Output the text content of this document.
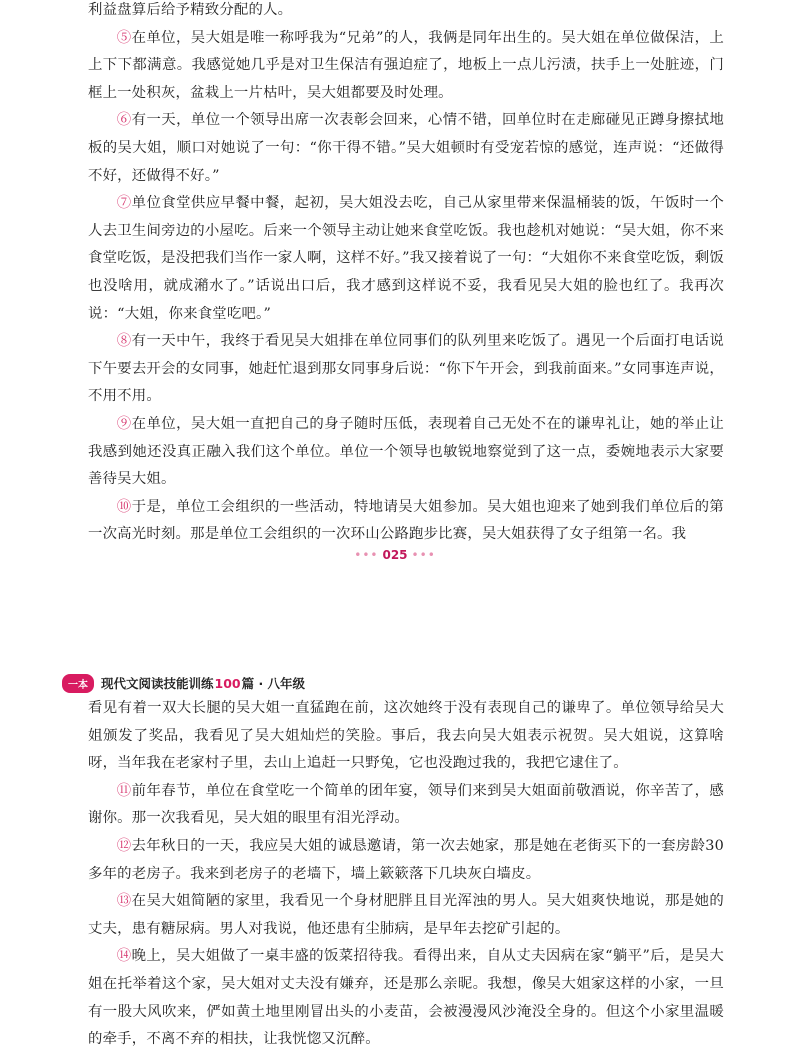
利益盘算后给予精致分配的人。

⑤在单位，吴大姐是唯一称呼我为“兄弟”的人，我俩是同年出生的。吴大姐在单位做保洁，上上下下都满意。我感觉她几乎是对卫生保洁有强迫症了，地板上一点儿污渍，扶手上一处脏迹，门框上一处积灰，盆栽上一片枯叶，吴大姐都要及时处理。

⑥有一天，单位一个领导出席一次表彰会回来，心情不错，回单位时在走廊碰见正蹲身擦拭地板的吴大姐，顺口对她说了一句：“你干得不错。”吴大姐顿时有受宠若惊的感觉，连声说：“还做得不好，还做得不好。”

⑦单位食堂供应早餐中餐，起初，吴大姐没去吃，自己从家里带来保温桶装的饭，午饭时一个人去卫生间旁边的小屋吃。后来一个领导主动让她来食堂吃饭。我也趁机对她说：“吴大姐，你不来食堂吃饭，是没把我们当作一家人啊，这样不好。”我又接着说了一句：“大姐你不来食堂吃饭，剩饭也没啥用，就成潲水了。”话说出口后，我才感到这样说不妥，我看见吴大姐的脸也红了。我再次说：“大姐，你来食堂吃吧。”

⑧有一天中午，我终于看见吴大姐排在单位同事们的队列里来吃饭了。遇见一个后面打电话说下午要去开会的女同事，她赶忙退到那女同事身后说：“你下午开会，到我前面来。”女同事连声说，不用不用。

⑨在单位，吴大姐一直把自己的身子随时压低，表现着自己无处不在的谦卑礼让，她的举止让我感到她还没真正融入我们这个单位。单位一个领导也敏锐地察觉到了这一点，委婉地表示大家要善待吴大姐。

⑩于是，单位工会组织的一些活动，特地请吴大姐参加。吴大姐也迎来了她到我们单位后的第一次高光时刻。那是单位工会组织的一次环山公路跑步比赛，吴大姐获得了女子组第一名。我

••• 025 •••
一本	现代文阅读技能训练 100 篇 · 八年级

看见有着一双大长腿的吴大姐一直猛跑在前，这次她终于没有表现自己的谦卑了。单位领导给吴大姐颁发了奖品，我看见了吴大姐灿烂的笑脸。事后，我去向吴大姐表示祝贺。吴大姐说，这算啥呀，当年我在老家村子里，去山上追赶一只野兔，它也没跑过我的，我把它逮住了。

⑪前年春节，单位在食堂吃一个简单的团年宴，领导们来到吴大姐面前敬酒说，你辛苦了，感谢你。那一次我看见，吴大姐的眼里有泪光浮动。

⑫去年秋日的一天，我应吴大姐的诚恳邀请，第一次去她家，那是她在老街买下的一套房龄30多年的老房子。我来到老房子的老墙下，墙上簌簌落下几块灰白墙皮。

⑬在吴大姐简陋的家里，我看见一个身材肥胖且目光浑浊的男人。吴大姐爽快地说，那是她的丈夫，患有糖尿病。男人对我说，他还患有尘肺病，是早年去挖矿引起的。

⑭晚上，吴大姐做了一桌丰盛的饭菜招待我。看得出来，自从丈夫因病在家“躺平”后，是吴大姐在托举着这个家，吴大姐对丈夫没有嫌弃，还是那么亲昵。我想，像吴大姐家这样的小家，一旦有一股大风吹来，俨如黄土地里刚冒出头的小麦苗，会被漫漫风沙淹没全身的。但这个小家里温暖的牵手，不离不弃的相扶，让我恍惚又沉醉。
